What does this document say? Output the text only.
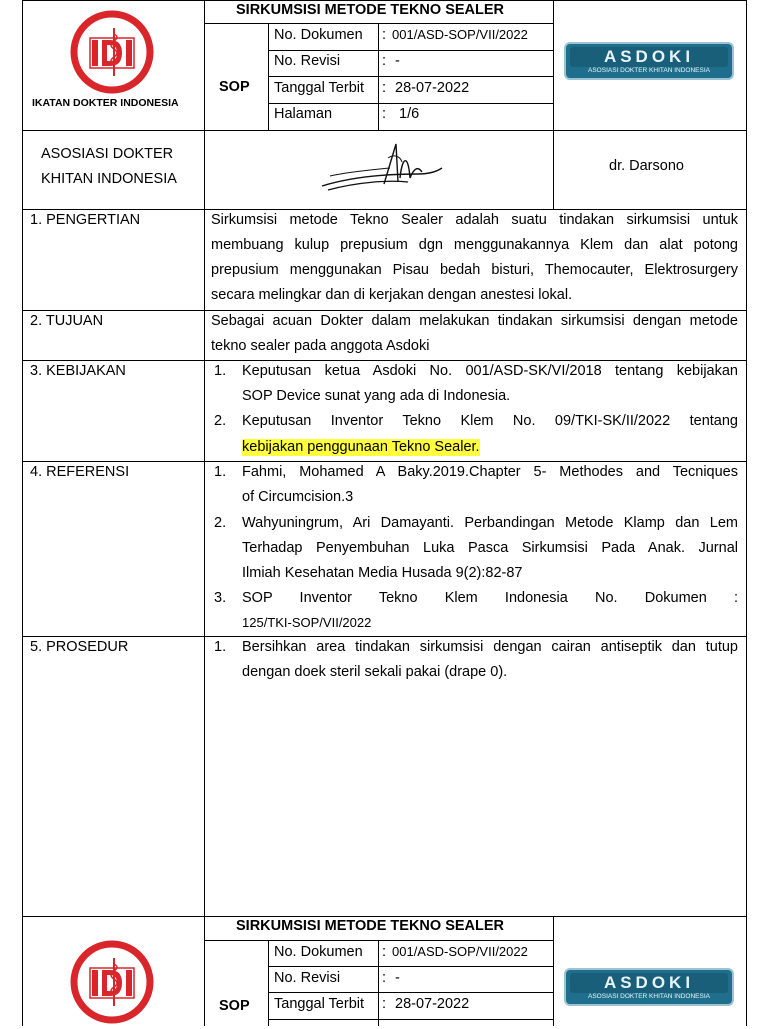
IKATAN DOKTER INDONESIA
SIRKUMSISI METODE TEKNO SEALER
SOP
No. Dokumen : 001/ASD-SOP/VII/2022
No. Revisi	: -
Tanggal Terbit : 28-07-2022
Halaman	: 1/6
ASDOKI
ASOSIASI DOKTER KHITAN INDONESIA
ASOSIASI DOKTER
KHITAN INDONESIA
dr. Darsono
1. PENGERTIAN	Sirkumsisi metode Tekno Sealer adalah suatu tindakan sirkumsisi untuk
membuang kulup prepusium dgn menggunakannya Klem dan alat potong
prepusium menggunakan Pisau bedah bisturi, Themocauter, Elektrosurgery
secara melingkar dan di kerjakan dengan anestesi lokal.
2. TUJUAN	Sebagai acuan Dokter dalam melakukan tindakan sirkumsisi dengan metode
tekno sealer pada anggota Asdoki
3. KEBIJAKAN	1. Keputusan ketua Asdoki No. 001/ASD-SK/VI/2018 tentang kebijakan
SOP Device sunat yang ada di Indonesia.
2. Keputusan Inventor Tekno Klem No. 09/TKI-SK/II/2022 tentang
kebijakan penggunaan Tekno Sealer.
4. REFERENSI	1. Fahmi, Mohamed A Baky.2019.Chapter 5- Methodes and Tecniques
of Circumcision.3
2. Wahyuningrum, Ari Damayanti. Perbandingan Metode Klamp dan Lem
Terhadap Penyembuhan Luka Pasca Sirkumsisi Pada Anak. Jurnal
Ilmiah Kesehatan Media Husada 9(2):82-87
3. SOP Inventor Tekno Klem Indonesia No. Dokumen :
125/TKI-SOP/VII/2022
5. PROSEDUR	1. Bersihkan area tindakan sirkumsisi dengan cairan antiseptik dan tutup
dengan doek steril sekali pakai (drape 0).
SIRKUMSISI METODE TEKNO SEALER
SOP
No. Dokumen : 001/ASD-SOP/VII/2022
No. Revisi	: -
Tanggal Terbit : 28-07-2022
ASDOKI
ASOSIASI DOKTER KHITAN INDONESIA
